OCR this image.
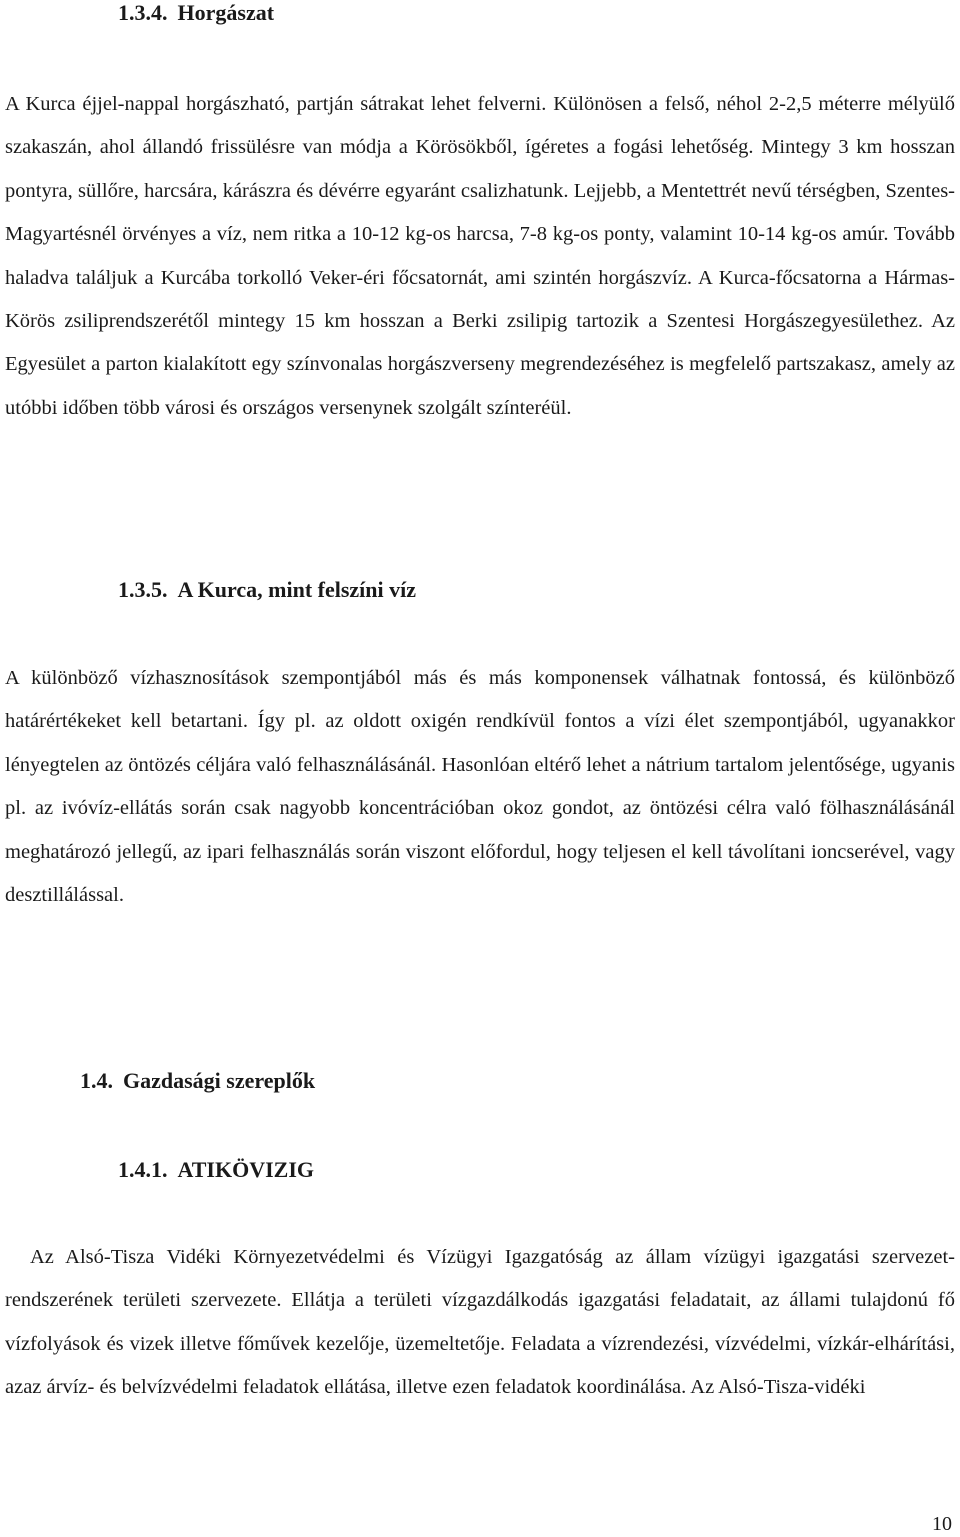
1.3.4. Horgászat

A Kurca éjjel-nappal horgászható, partján sátrakat lehet felverni. Különösen a felső, néhol 2-2,5 méterre mélyülő szakaszán, ahol állandó frissülésre van módja a Körösökből, ígéretes a fogási lehetőség. Mintegy 3 km hosszan pontyra, süllőre, harcsára, kárászra és dévérre egyaránt csalizhatunk. Lejjebb, a Mentettrét nevű térségben, Szentes-Magyartésnél örvényes a víz, nem ritka a 10-12 kg-os harcsa, 7-8 kg-os ponty, valamint 10-14 kg-os amúr. Tovább haladva találjuk a Kurcába torkolló Veker-éri főcsatornát, ami szintén horgászvíz. A Kurca-főcsatorna a Hármas-Körös zsiliprendszerétől mintegy 15 km hosszan a Berki zsilipig tartozik a Szentesi Horgászegyesülethez. Az Egyesület a parton kialakított egy színvonalas horgászverseny megrendezéséhez is megfelelő partszakasz, amely az utóbbi időben több városi és országos versenynek szolgált színteréül.

1.3.5. A Kurca, mint felszíni víz

A különböző vízhasznosítások szempontjából más és más komponensek válhatnak fontossá, és különböző határértékeket kell betartani. Így pl. az oldott oxigén rendkívül fontos a vízi élet szempontjából, ugyanakkor lényegtelen az öntözés céljára való felhasználásánál. Hasonlóan eltérő lehet a nátrium tartalom jelentősége, ugyanis pl. az ivóvíz-ellátás során csak nagyobb koncentrációban okoz gondot, az öntözési célra való fölhasználásánál meghatározó jellegű, az ipari felhasználás során viszont előfordul, hogy teljesen el kell távolítani ioncserével, vagy desztillálással.

1.4. Gazdasági szereplők
1.4.1. ATIKÖVIZIG

Az Alsó-Tisza Vidéki Környezetvédelmi és Vízügyi Igazgatóság az állam vízügyi igazgatási szervezet-rendszerének területi szervezete. Ellátja a területi vízgazdálkodás igazgatási feladatait, az állami tulajdonú fő vízfolyások és vizek illetve főművek kezelője, üzemeltetője. Feladata a vízrendezési, vízvédelmi, vízkár-elhárítási, azaz árvíz- és belvízvédelmi feladatok ellátása, illetve ezen feladatok koordinálása. Az Alsó-Tisza-vidéki

10
